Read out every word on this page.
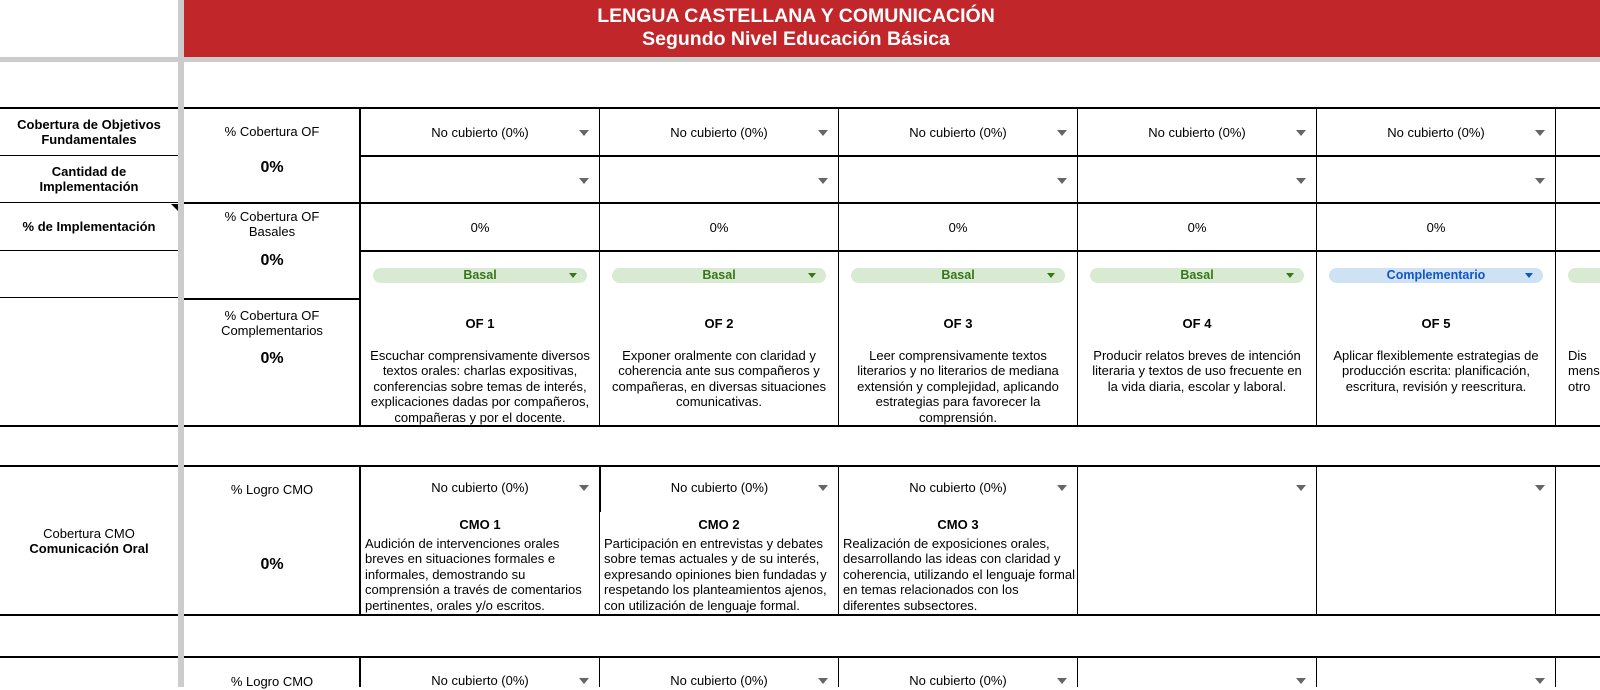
LENGUA CASTELLANA Y COMUNICACIÓN
Segundo Nivel Educación Básica
Cobertura de Objetivos Fundamentales
Cantidad de Implementación
% de Implementación
Cobertura CMO
Comunicación Oral
% Cobertura OF
0%
% Cobertura OF Basales
0%
% Cobertura OF Complementarios
0%
% Logro CMO
0%
% Logro CMO
No cubierto (0%)
0%
Basal
OF 1
Escuchar comprensivamente diversos textos orales: charlas expositivas, conferencias sobre temas de interés, explicaciones dadas por compañeros, compañeras y por el docente.
No cubierto (0%)
0%
Basal
OF 2
Exponer oralmente con claridad y coherencia ante sus compañeros y compañeras, en diversas situaciones comunicativas.
No cubierto (0%)
0%
Basal
OF 3
Leer comprensivamente textos literarios y no literarios de mediana extensión y complejidad, aplicando estrategias para favorecer la comprensión.
No cubierto (0%)
0%
Basal
OF 4
Producir relatos breves de intención literaria y textos de uso frecuente en la vida diaria, escolar y laboral.
No cubierto (0%)
0%
Complementario
OF 5
Aplicar flexiblemente estrategias de producción escrita: planificación, escritura, revisión y reescritura.
Dis mens otro
No cubierto (0%)
CMO 1
Audición de intervenciones orales breves en situaciones formales e informales, demostrando su comprensión a través de comentarios pertinentes, orales y/o escritos.
No cubierto (0%)
CMO 2
Participación en entrevistas y debates sobre temas actuales y de su interés, expresando opiniones bien fundadas y respetando los planteamientos ajenos, con utilización de lenguaje formal.
No cubierto (0%)
CMO 3
Realización de exposiciones orales, desarrollando las ideas con claridad y coherencia, utilizando el lenguaje formal en temas relacionados con los diferentes subsectores.
No cubierto (0%)	No cubierto (0%)	No cubierto (0%)
